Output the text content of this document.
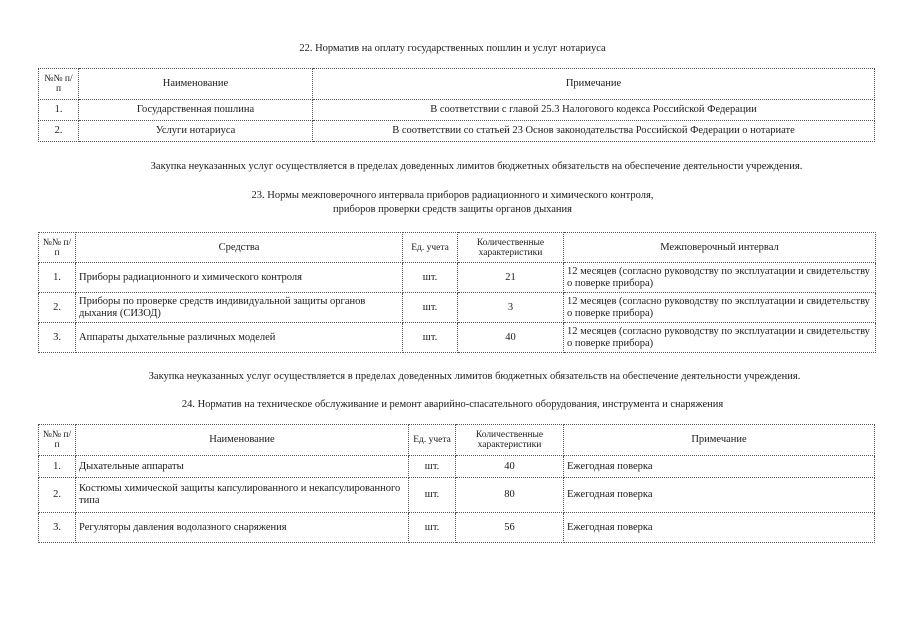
22. Норматив на оплату государственных пошлин и услуг нотариуса
№№ п/п	Наименование	Примечание
1.	Государственная пошлина	В соответствии с главой 25.3 Налогового кодекса Российской Федерации
2.	Услуги нотариуса	В соответствии со статьей 23 Основ законодательства Российской Федерации о нотариате
Закупка неуказанных услуг осуществляется в пределах доведенных лимитов бюджетных обязательств на обеспечение деятельности учреждения.
23. Нормы межповерочного интервала приборов радиационного и химического контроля,
приборов проверки средств защиты органов дыхания
№№ п/п	Средства	Ед. учета	Количественные характеристики	Межповерочный интервал
1.	Приборы радиационного и химического контроля	шт.	21	12 месяцев (согласно руководству по эксплуатации и свидетельству о поверке прибора)
2.	Приборы по проверке средств индивидуальной защиты органов дыхания (СИЗОД)	шт.	3	12 месяцев (согласно руководству по эксплуатации и свидетельству о поверке прибора)
3.	Аппараты дыхательные различных моделей	шт.	40	12 месяцев (согласно руководству по эксплуатации и свидетельству о поверке прибора)
Закупка неуказанных услуг осуществляется в пределах доведенных лимитов бюджетных обязательств на обеспечение деятельности учреждения.
24. Норматив на техническое обслуживание и ремонт аварийно-спасательного оборудования, инструмента и снаряжения
№№ п/п	Наименование	Ед. учета	Количественные характеристики	Примечание
1.	Дыхательные аппараты	шт.	40	Ежегодная поверка
2.	Костюмы химической защиты капсулированного и некапсулированного типа	шт.	80	Ежегодная поверка
3.	Регуляторы давления водолазного снаряжения	шт.	56	Ежегодная поверка
